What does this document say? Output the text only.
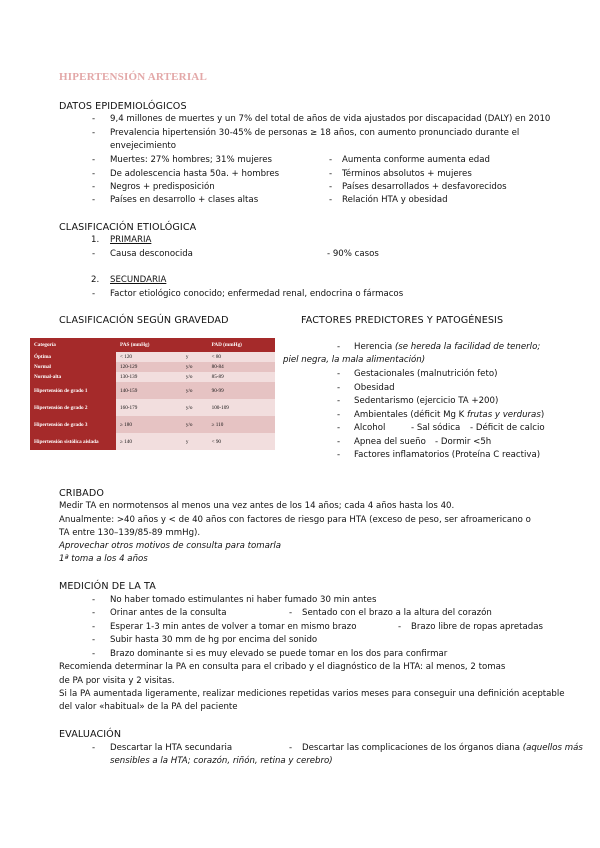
HIPERTENSIÓN ARTERIAL
DATOS EPIDEMIOLÓGICOS
- 9,4 millones de muertes y un 7% del total de años de vida ajustados por discapacidad (DALY) en 2010
- Prevalencia hipertensión 30-45% de personas ≥ 18 años, con aumento pronunciado durante el
envejecimiento
- Muertes: 27% hombres; 31% mujeres
- De adolescencia hasta 50a. + hombres
- Negros + predisposición
- Países en desarrollo + clases altas
- Aumenta conforme aumenta edad
- Términos absolutos + mujeres
- Países desarrollados + desfavorecidos
- Relación HTA y obesidad
CLASIFICACIÓN ETIOLÓGICA
1. PRIMARIA
- Causa desconocida	- 90% casos
2. SECUNDARIA
- Factor etiológico conocido; enfermedad renal, endocrina o fármacos
CLASIFICACIÓN SEGÚN GRAVEDAD
Categoría	PAS (mmHg)		PAD (mmHg)
Óptima	< 120	y	< 80
Normal	120-129	y/o	80-84
Normal-alta	130-139	y/o	85-89
Hipertensión de grado 1	140-159	y/o	90-99
Hipertensión de grado 2	160-179	y/o	100-109
Hipertensión de grado 3	≥ 180	y/o	≥ 110
Hipertensión sistólica aislada	≥ 140	y	< 90
FACTORES PREDICTORES Y PATOGÉNESIS
- Herencia (se hereda la facilidad de tenerlo;
piel negra, la mala alimentación)
- Gestacionales (malnutrición feto)
- Obesidad
- Sedentarismo (ejercicio TA +200)
- Ambientales (déficit Mg K frutas y verduras)
- Alcohol	- Sal sódica - Déficit de calcio
- Apnea del sueño - Dormir <5h
- Factores inflamatorios (Proteína C reactiva)
CRIBADO
Medir TA en normotensos al menos una vez antes de los 14 años; cada 4 años hasta los 40.
Anualmente: >40 años y < de 40 años con factores de riesgo para HTA (exceso de peso, ser afroamericano o
TA entre 130–139/85-89 mmHg).
Aprovechar otros motivos de consulta para tomarla
1ª toma a los 4 años
MEDICIÓN DE LA TA
- No haber tomado estimulantes ni haber fumado 30 min antes
- Orinar antes de la consulta	- Sentado con el brazo a la altura del corazón
- Esperar 1-3 min antes de volver a tomar en mismo brazo	- Brazo libre de ropas apretadas
- Subir hasta 30 mm de hg por encima del sonido
- Brazo dominante si es muy elevado se puede tomar en los dos para confirmar
Recomienda determinar la PA en consulta para el cribado y el diagnóstico de la HTA: al menos, 2 tomas
de PA por visita y 2 visitas.
Si la PA aumentada ligeramente, realizar mediciones repetidas varios meses para conseguir una definición aceptable
del valor «habitual» de la PA del paciente
EVALUACIÓN
- Descartar la HTA secundaria	- Descartar las complicaciones de los órganos diana (aquellos más
sensibles a la HTA; corazón, riñón, retina y cerebro)
